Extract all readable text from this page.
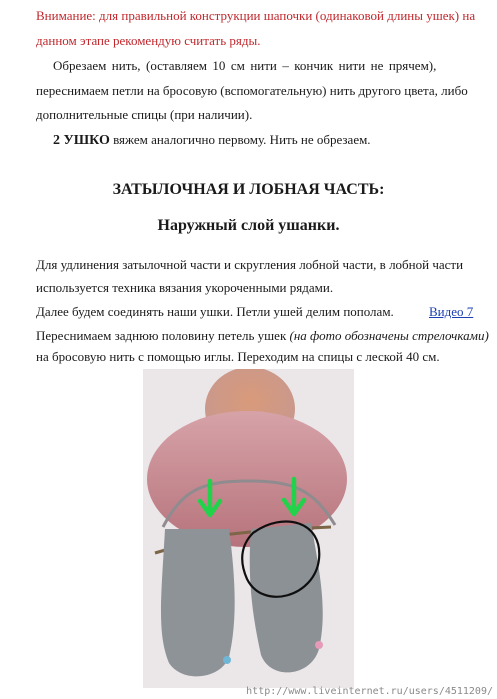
Внимание: для правильной конструкции шапочки (одинаковой длины ушек) на
данном этапе рекомендую считать ряды.
Обрезаем нить, (оставляем 10 см нити – кончик нити не прячем),
переснимаем петли на бросовую (вспомогательную) нить другого цвета, либо
дополнительные спицы (при наличии).
2 УШКО вяжем аналогично первому. Нить не обрезаем.
ЗАТЫЛОЧНАЯ И ЛОБНАЯ ЧАСТЬ:
Наружный слой ушанки.
Для удлинения затылочной части и скругления лобной части, в лобной части
используется техника вязания укороченными рядами.
Далее будем соединять наши ушки. Петли ушей делим пополам.	Видео 7
Переснимаем заднюю половину петель ушек (на фото обозначены стрелочками)
на бросовую нить с помощью иглы. Переходим на спицы с леской 40 см.
http://www.liveinternet.ru/users/4511209/
